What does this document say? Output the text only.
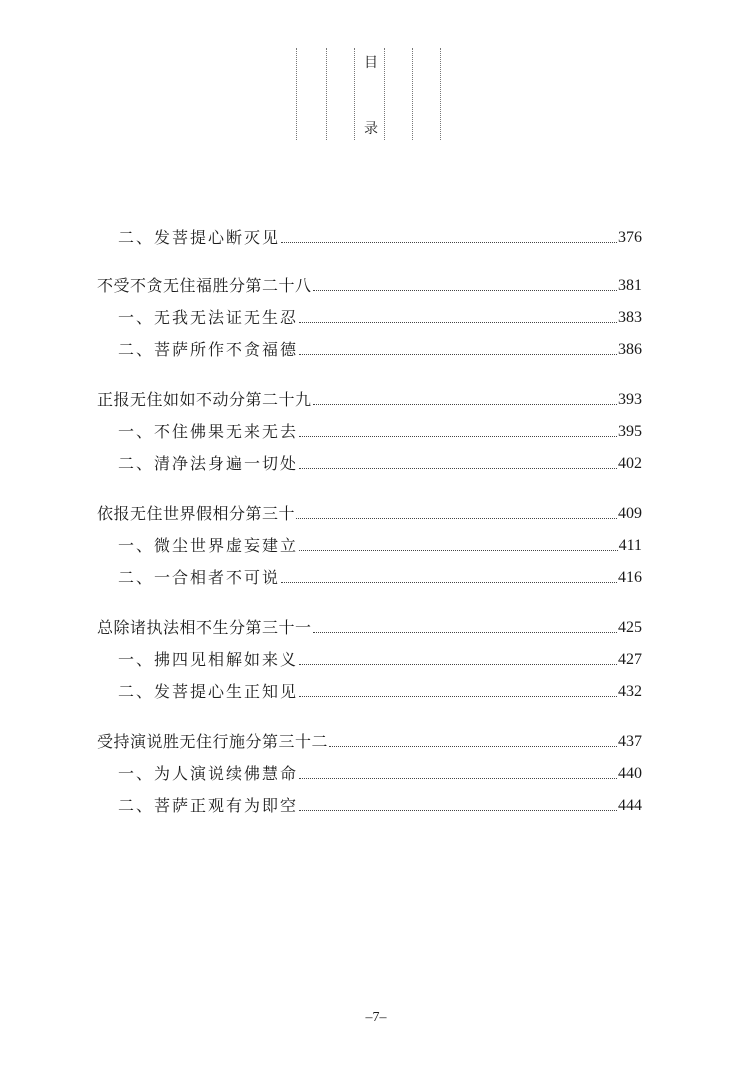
目
录
二、发菩提心断灭见	376
不受不贪无住福胜分第二十八	381
一、无我无法证无生忍	383
二、菩萨所作不贪福德	386
正报无住如如不动分第二十九	393
一、不住佛果无来无去	395
二、清净法身遍一切处	402
依报无住世界假相分第三十	409
一、微尘世界虚妄建立	411
二、一合相者不可说	416
总除诸执法相不生分第三十一	425
一、拂四见相解如来义	427
二、发菩提心生正知见	432
受持演说胜无住行施分第三十二	437
一、为人演说续佛慧命	440
二、菩萨正观有为即空	444
–7–
